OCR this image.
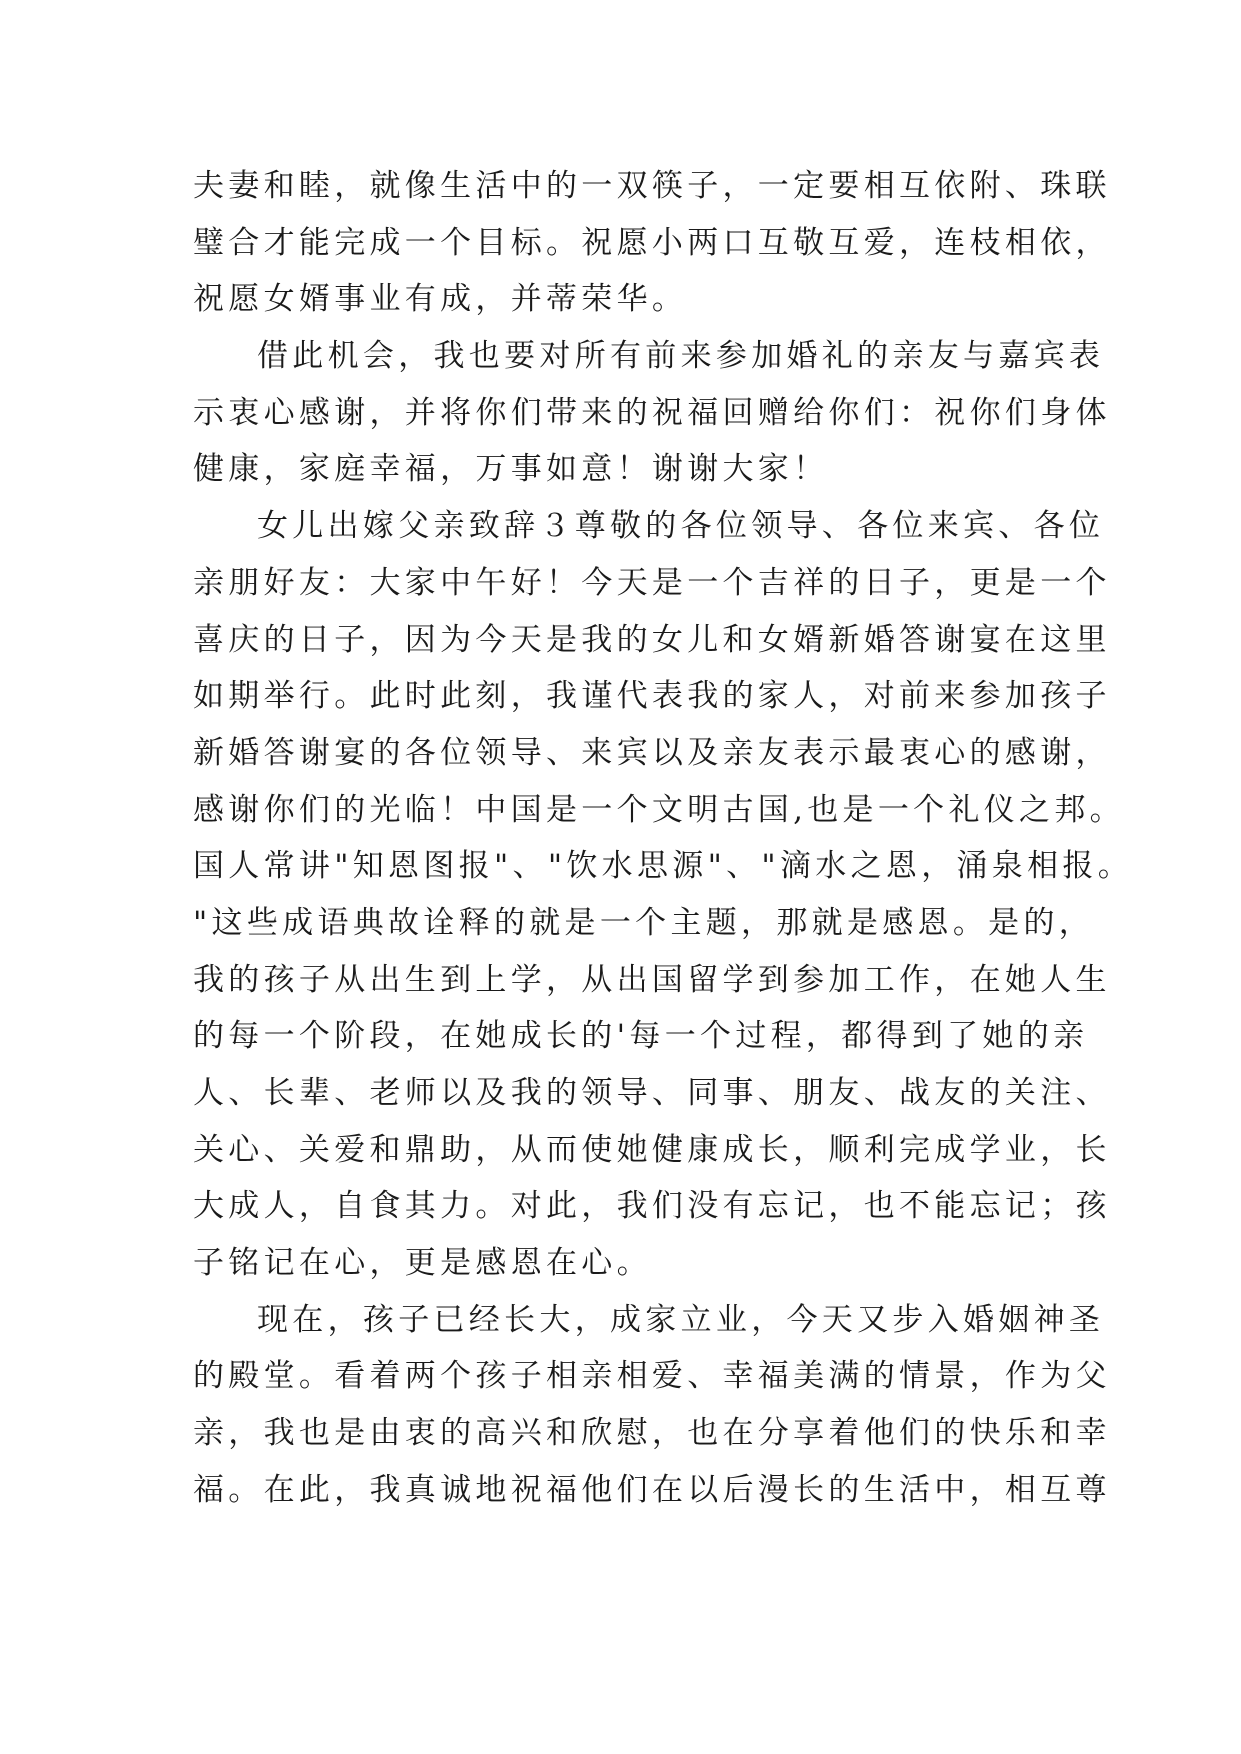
夫妻和睦，就像生活中的一双筷子，一定要相互依附、珠联
璧合才能完成一个目标。祝愿小两口互敬互爱，连枝相依，
祝愿女婿事业有成，并蒂荣华。
借此机会，我也要对所有前来参加婚礼的亲友与嘉宾表
示衷心感谢，并将你们带来的祝福回赠给你们：祝你们身体
健康，家庭幸福，万事如意！谢谢大家！
女儿出嫁父亲致辞３尊敬的各位领导、各位来宾、各位
亲朋好友：大家中午好！今天是一个吉祥的日子，更是一个
喜庆的日子，因为今天是我的女儿和女婿新婚答谢宴在这里
如期举行。此时此刻，我谨代表我的家人，对前来参加孩子
新婚答谢宴的各位领导、来宾以及亲友表示最衷心的感谢，
感谢你们的光临！中国是一个文明古国,也是一个礼仪之邦。
国人常讲"知恩图报"、"饮水思源"、"滴水之恩，涌泉相报。
"这些成语典故诠释的就是一个主题，那就是感恩。是的，
我的孩子从出生到上学，从出国留学到参加工作，在她人生
的每一个阶段，在她成长的'每一个过程，都得到了她的亲
人、长辈、老师以及我的领导、同事、朋友、战友的关注、
关心、关爱和鼎助，从而使她健康成长，顺利完成学业，长
大成人，自食其力。对此，我们没有忘记，也不能忘记；孩
子铭记在心，更是感恩在心。
现在，孩子已经长大，成家立业，今天又步入婚姻神圣
的殿堂。看着两个孩子相亲相爱、幸福美满的情景，作为父
亲，我也是由衷的高兴和欣慰，也在分享着他们的快乐和幸
福。在此，我真诚地祝福他们在以后漫长的生活中，相互尊
